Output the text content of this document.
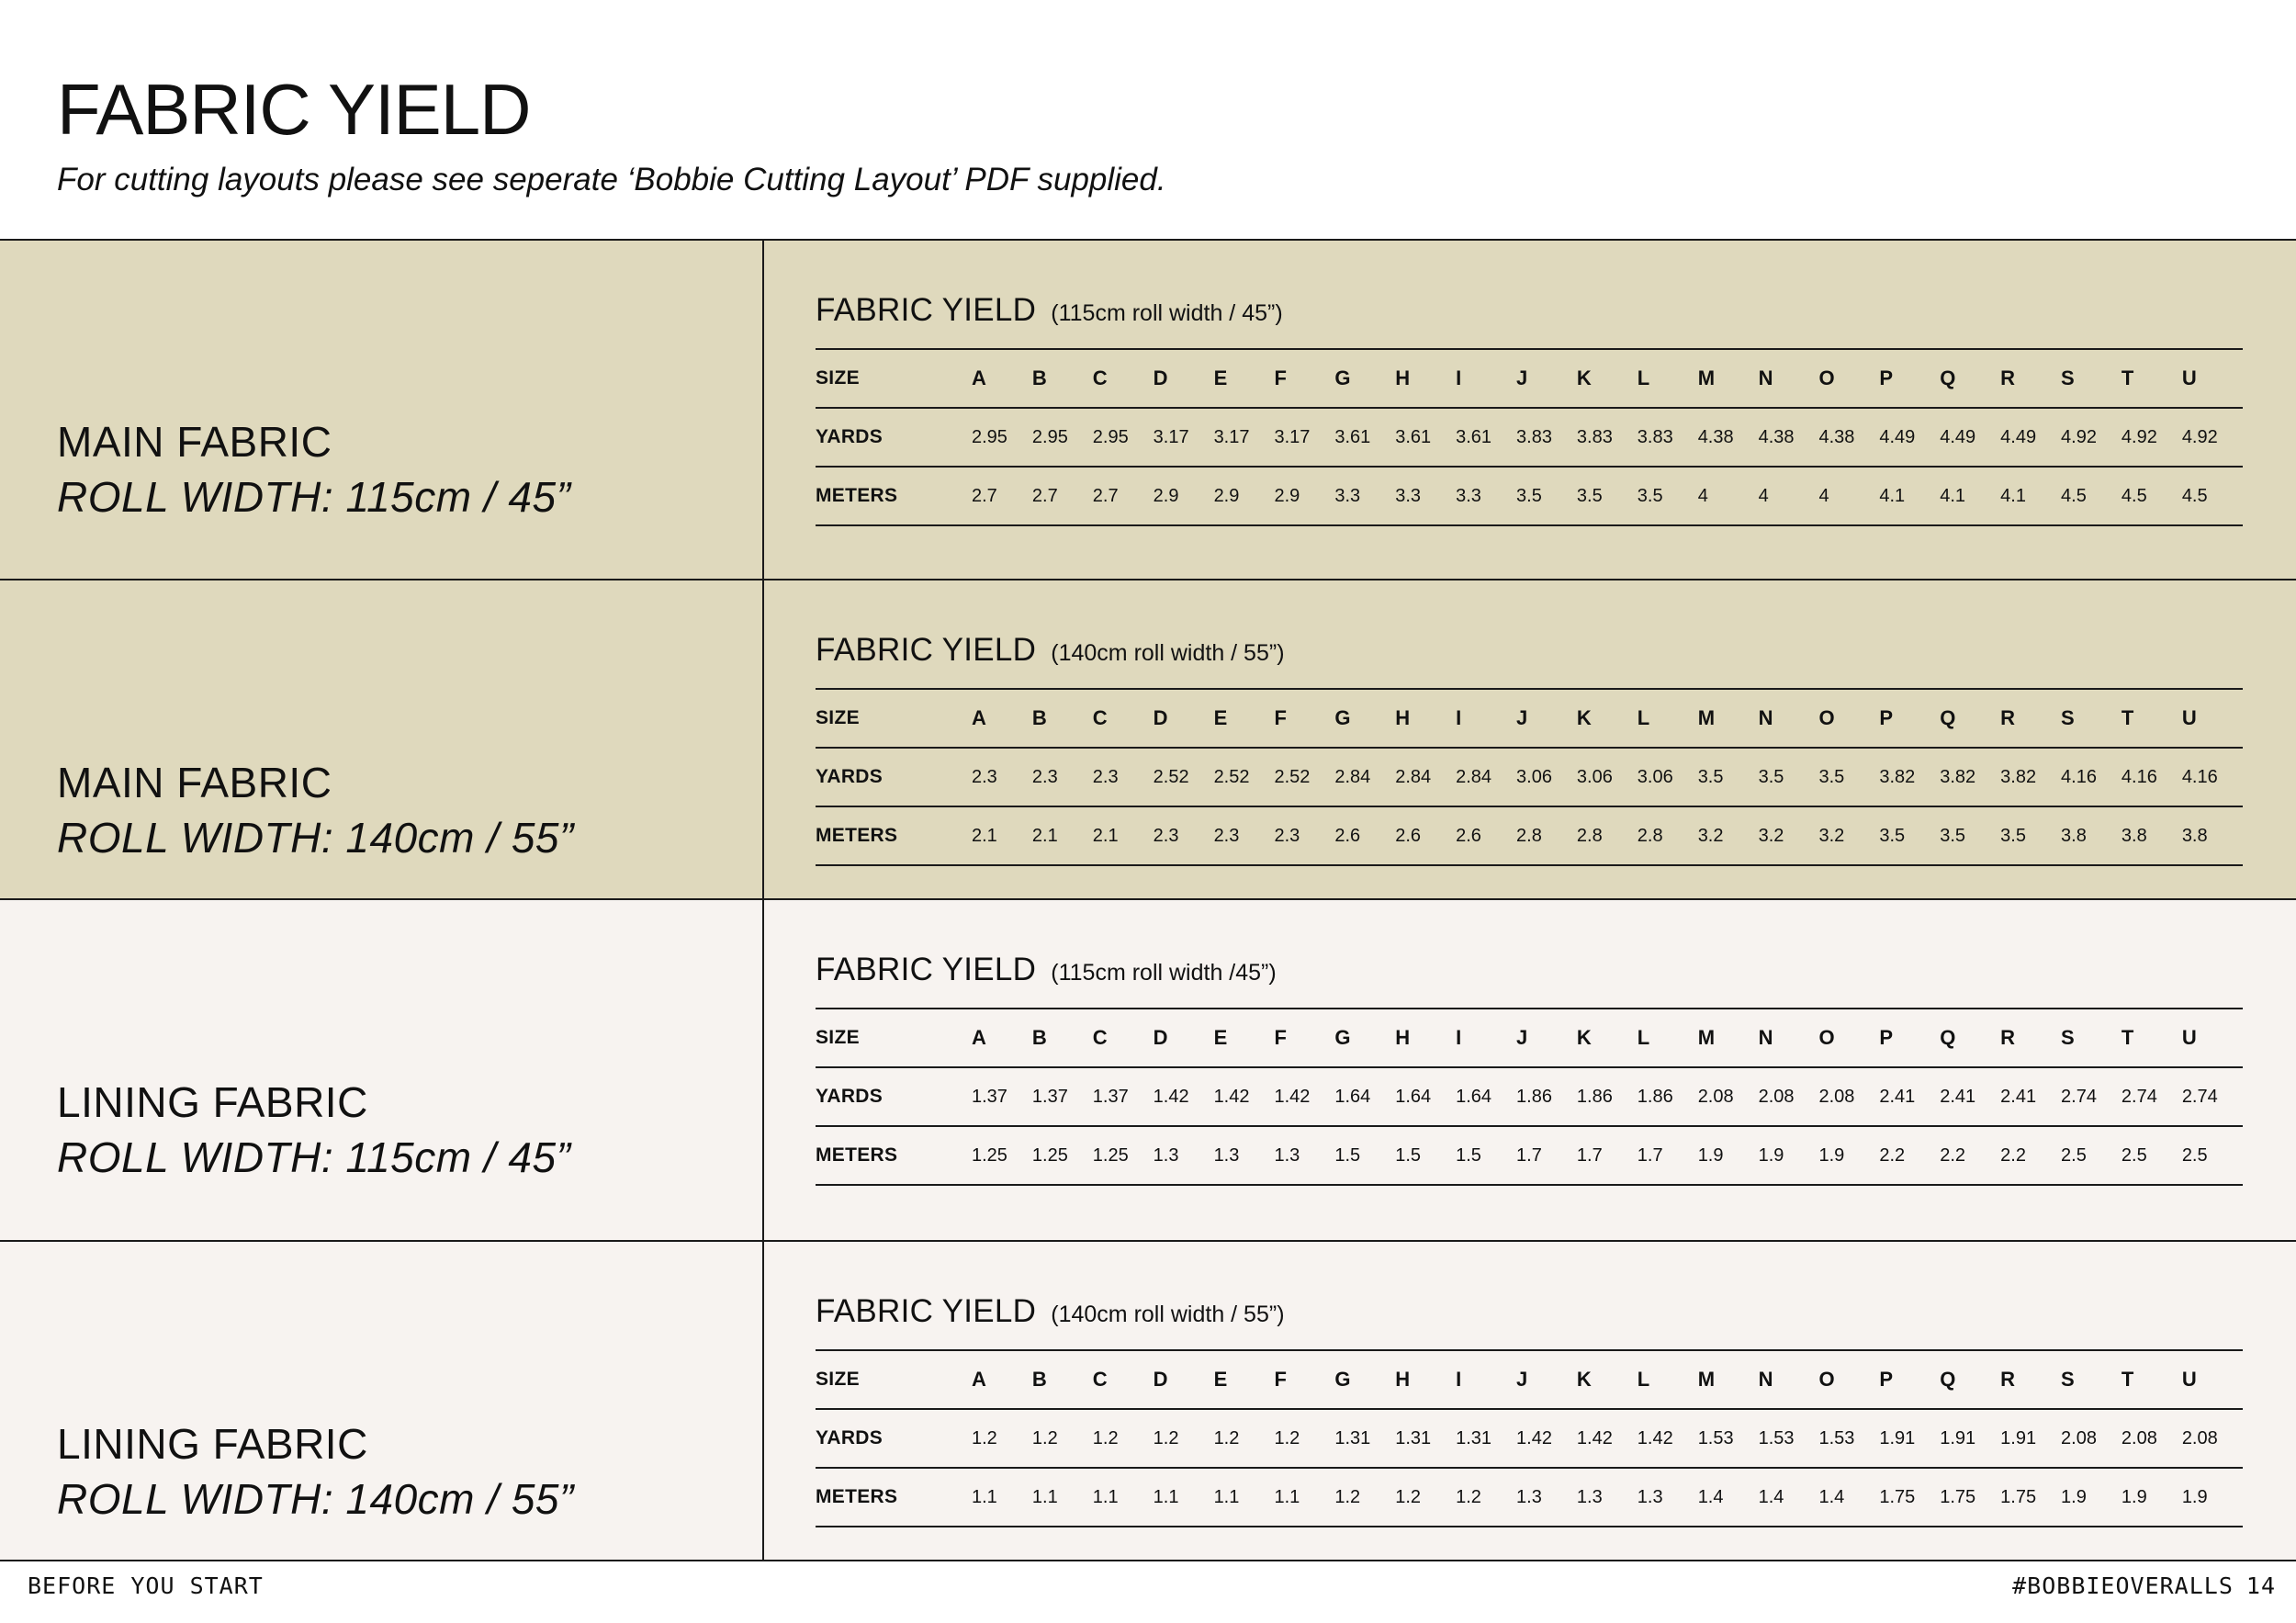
FABRIC YIELD
For cutting layouts please see seperate ‘Bobbie Cutting Layout’ PDF supplied.
MAIN FABRIC
ROLL WIDTH: 115cm / 45”
FABRIC YIELD (115cm roll width / 45”)
SIZE	A	B	C	D	E	F	G	H	I	J	K	L	M	N	O	P	Q	R	S	T	U
YARDS	2.95	2.95	2.95	3.17	3.17	3.17	3.61	3.61	3.61	3.83	3.83	3.83	4.38	4.38	4.38	4.49	4.49	4.49	4.92	4.92	4.92
METERS	2.7	2.7	2.7	2.9	2.9	2.9	3.3	3.3	3.3	3.5	3.5	3.5	4	4	4	4.1	4.1	4.1	4.5	4.5	4.5
MAIN FABRIC
ROLL WIDTH: 140cm / 55”
FABRIC YIELD (140cm roll width / 55”)
SIZE	A	B	C	D	E	F	G	H	I	J	K	L	M	N	O	P	Q	R	S	T	U
YARDS	2.3	2.3	2.3	2.52	2.52	2.52	2.84	2.84	2.84	3.06	3.06	3.06	3.5	3.5	3.5	3.82	3.82	3.82	4.16	4.16	4.16
METERS	2.1	2.1	2.1	2.3	2.3	2.3	2.6	2.6	2.6	2.8	2.8	2.8	3.2	3.2	3.2	3.5	3.5	3.5	3.8	3.8	3.8
LINING FABRIC
ROLL WIDTH: 115cm / 45”
FABRIC YIELD (115cm roll width /45”)
SIZE	A	B	C	D	E	F	G	H	I	J	K	L	M	N	O	P	Q	R	S	T	U
YARDS	1.37	1.37	1.37	1.42	1.42	1.42	1.64	1.64	1.64	1.86	1.86	1.86	2.08	2.08	2.08	2.41	2.41	2.41	2.74	2.74	2.74
METERS	1.25	1.25	1.25	1.3	1.3	1.3	1.5	1.5	1.5	1.7	1.7	1.7	1.9	1.9	1.9	2.2	2.2	2.2	2.5	2.5	2.5
LINING FABRIC
ROLL WIDTH: 140cm / 55”
FABRIC YIELD (140cm roll width / 55”)
SIZE	A	B	C	D	E	F	G	H	I	J	K	L	M	N	O	P	Q	R	S	T	U
YARDS	1.2	1.2	1.2	1.2	1.2	1.2	1.31	1.31	1.31	1.42	1.42	1.42	1.53	1.53	1.53	1.91	1.91	1.91	2.08	2.08	2.08
METERS	1.1	1.1	1.1	1.1	1.1	1.1	1.2	1.2	1.2	1.3	1.3	1.3	1.4	1.4	1.4	1.75	1.75	1.75	1.9	1.9	1.9
BEFORE YOU START	#BOBBIEOVERALLS 14
